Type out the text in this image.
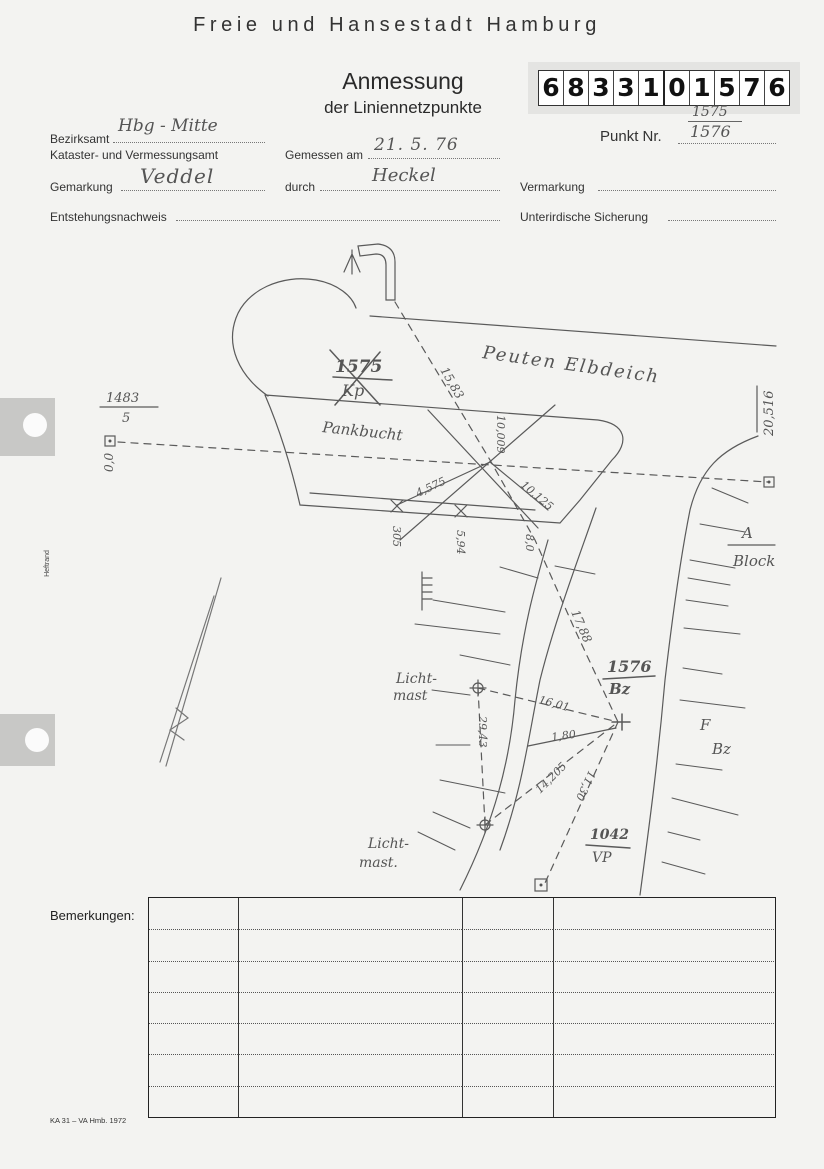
Heftrand
Freie und Hansestadt Hamburg
Anmessung
der Liniennetzpunkte
6 8 3 3 1 0 1 5 7 6
Bezirksamt
Hbg - Mitte
Kataster- und Vermessungsamt	Gemessen am 21. 5. 76	Punkt Nr.
1575
1576
Gemarkung Veddel	durch
Heckel
Vermarkung
Entstehungsnachweis	Unterirdische Sicherung
Peuten Elbdeich
Pankbucht
1575
Kp
1483
5
1576
Bz
1042
VP
A
Block
F
Bz
Licht-
mast
Licht-
mast.
15,83
10,009
4,575	10,125
305	5,94	8,0
17,88
16,01
1,80
14,205
29,43
11,30
0,0
20,516
Bemerkungen:
KA 31 – VA Hmb. 1972
